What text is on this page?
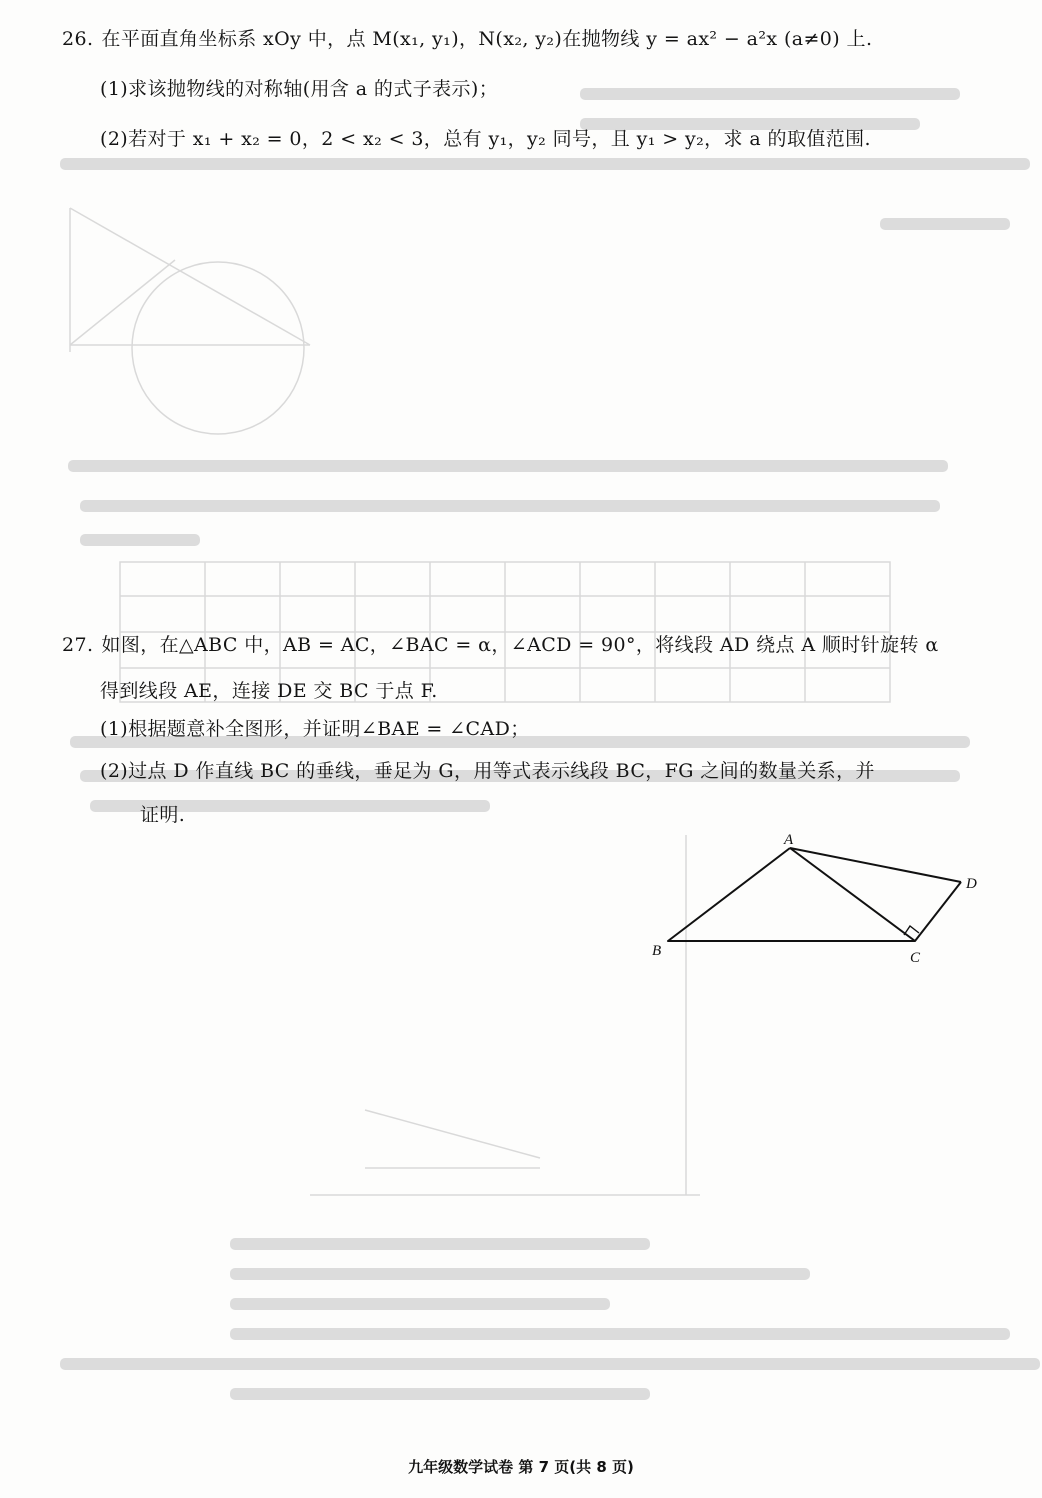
26. 在平面直角坐标系 xOy 中，点 M(x₁, y₁)，N(x₂, y₂)在抛物线 y = ax² − a²x (a≠0) 上.
(1)求该抛物线的对称轴(用含 a 的式子表示)；
(2)若对于 x₁ + x₂ = 0，2 < x₂ < 3，总有 y₁，y₂ 同号，且 y₁ > y₂，求 a 的取值范围.
27. 如图，在△ABC 中，AB = AC，∠BAC = α，∠ACD = 90°，将线段 AD 绕点 A 顺时针旋转 α
得到线段 AE，连接 DE 交 BC 于点 F.
(1)根据题意补全图形，并证明∠BAE = ∠CAD；
(2)过点 D 作直线 BC 的垂线，垂足为 G，用等式表示线段 BC，FG 之间的数量关系，并
证明.
A
B	C
D
九年级数学试卷 第 7 页(共 8 页)
